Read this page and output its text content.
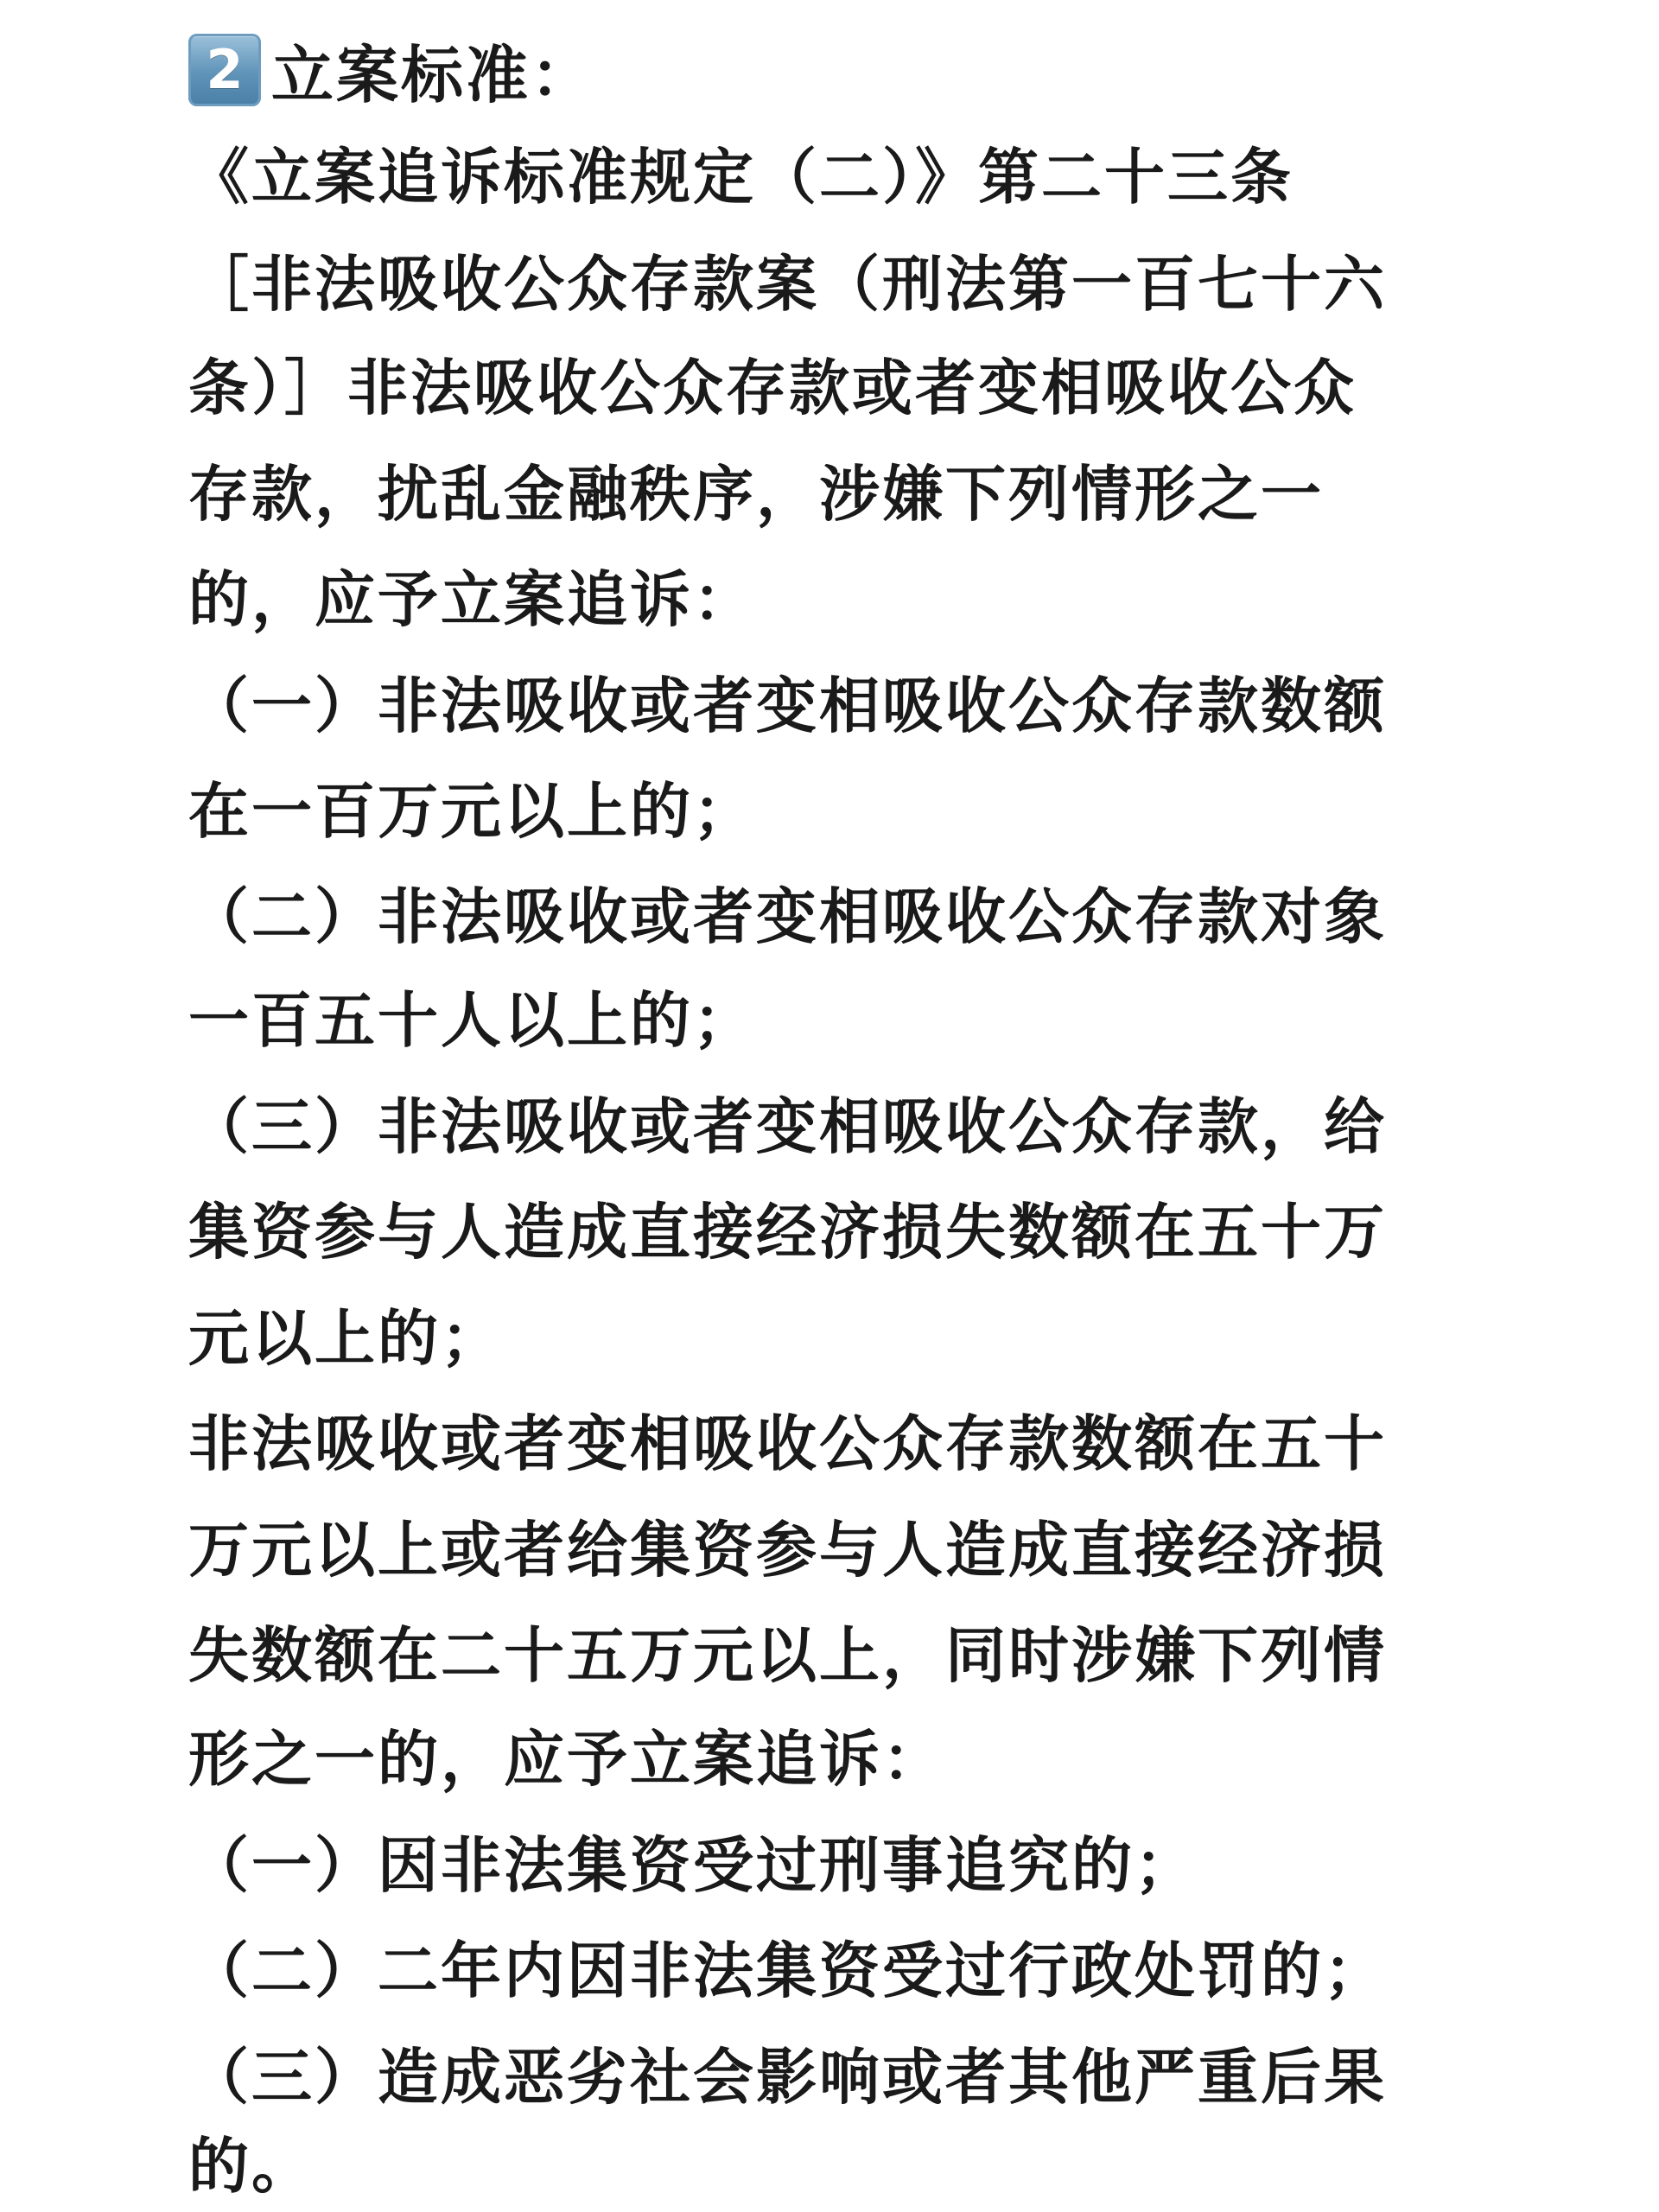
2 立案标准：
《立案追诉标准规定（二）》第二十三条
［非法吸收公众存款案（刑法第一百七十六
条）］非法吸收公众存款或者变相吸收公众
存款，扰乱金融秩序，涉嫌下列情形之一
的，应予立案追诉：
（一）非法吸收或者变相吸收公众存款数额
在一百万元以上的；
（二）非法吸收或者变相吸收公众存款对象
一百五十人以上的；
（三）非法吸收或者变相吸收公众存款，给
集资参与人造成直接经济损失数额在五十万
元以上的；
非法吸收或者变相吸收公众存款数额在五十
万元以上或者给集资参与人造成直接经济损
失数额在二十五万元以上，同时涉嫌下列情
形之一的，应予立案追诉：
（一）因非法集资受过刑事追究的；
（二）二年内因非法集资受过行政处罚的；
（三）造成恶劣社会影响或者其他严重后果
的。
